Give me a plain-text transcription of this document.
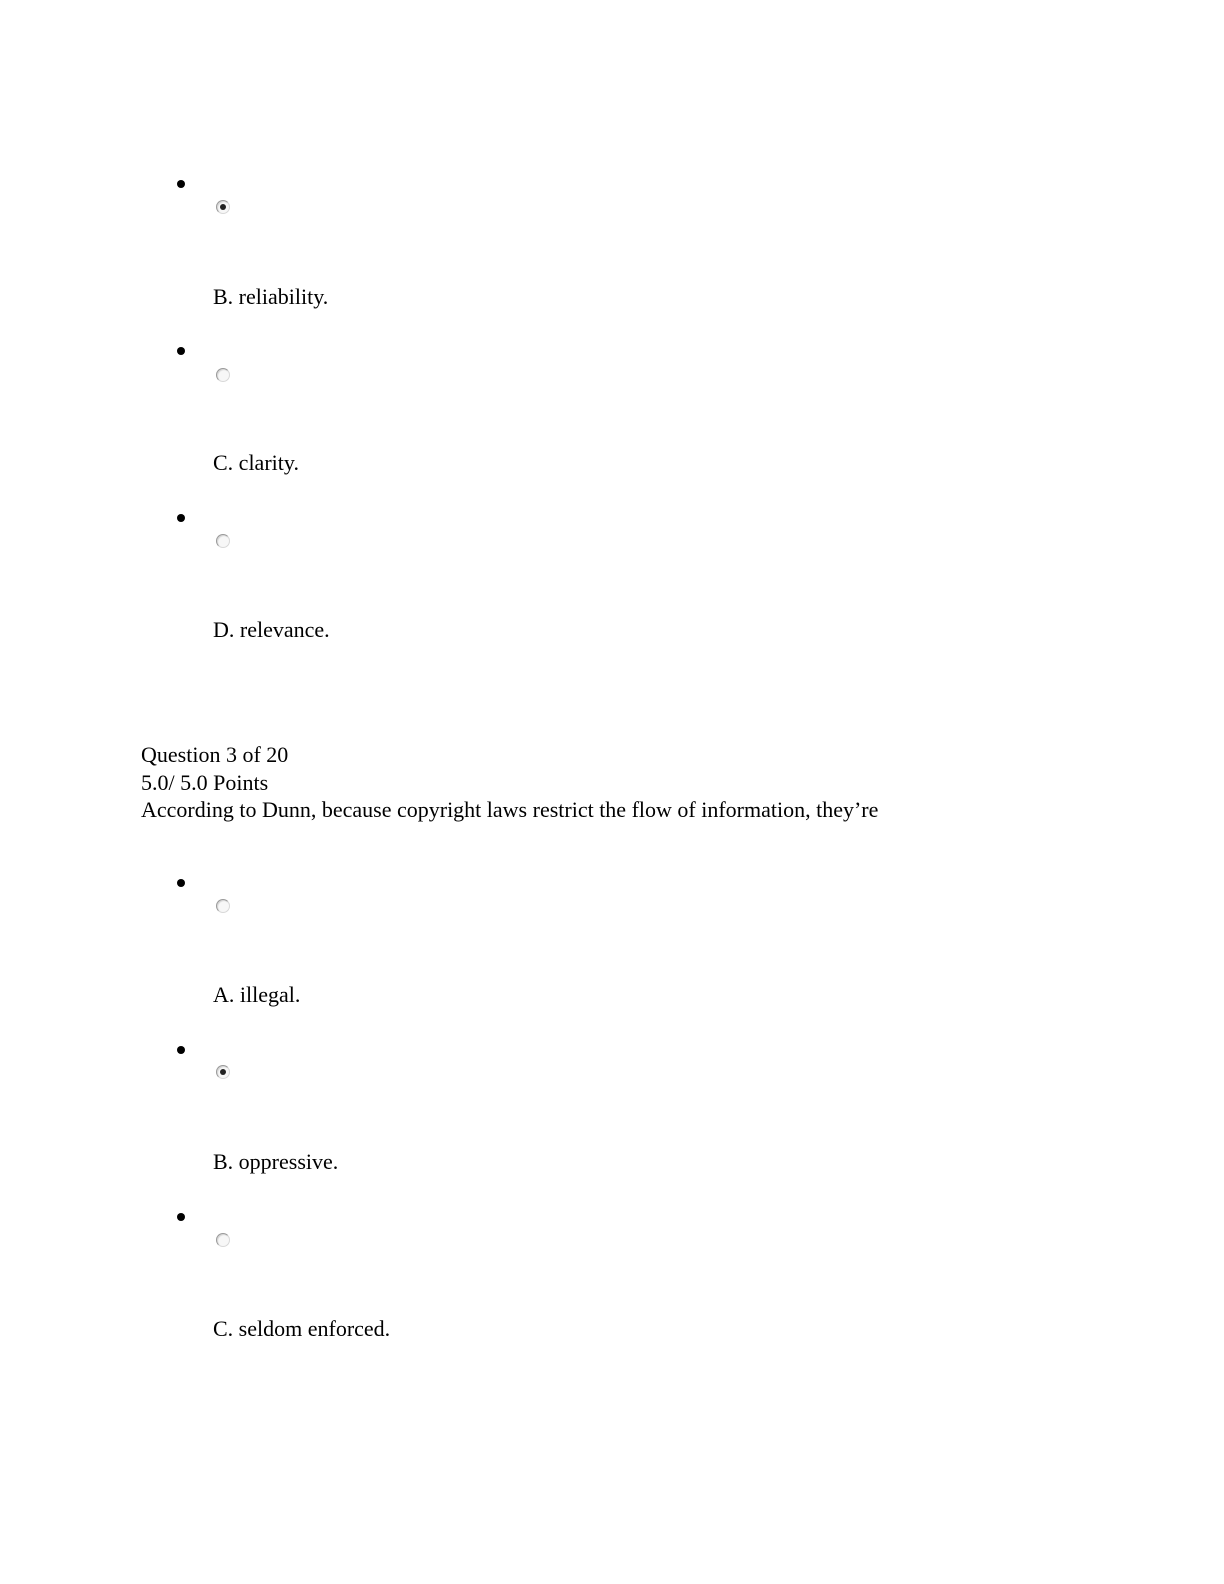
B. reliability.
C. clarity.
D. relevance.
Question 3 of 20
5.0/ 5.0 Points
According to Dunn, because copyright laws restrict the flow of information, they’re
A. illegal.
B. oppressive.
C. seldom enforced.
